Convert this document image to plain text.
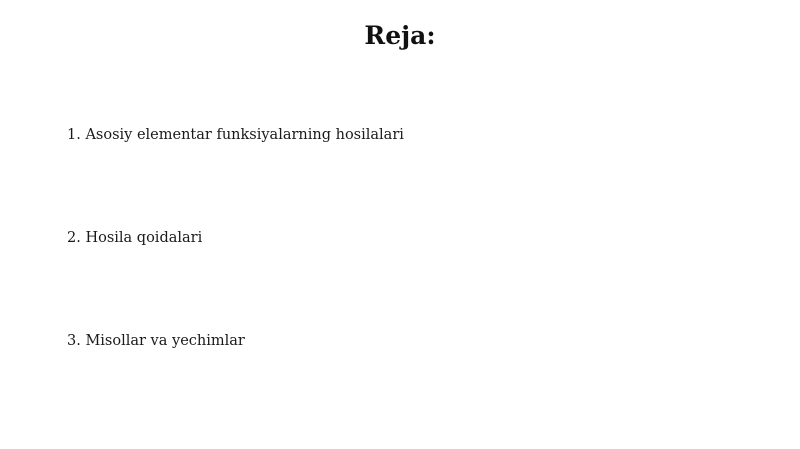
Reja:
1. Asosiy elementar funksiyalarning hosilalari
2. Hosila qoidalari
3. Misollar va yechimlar
